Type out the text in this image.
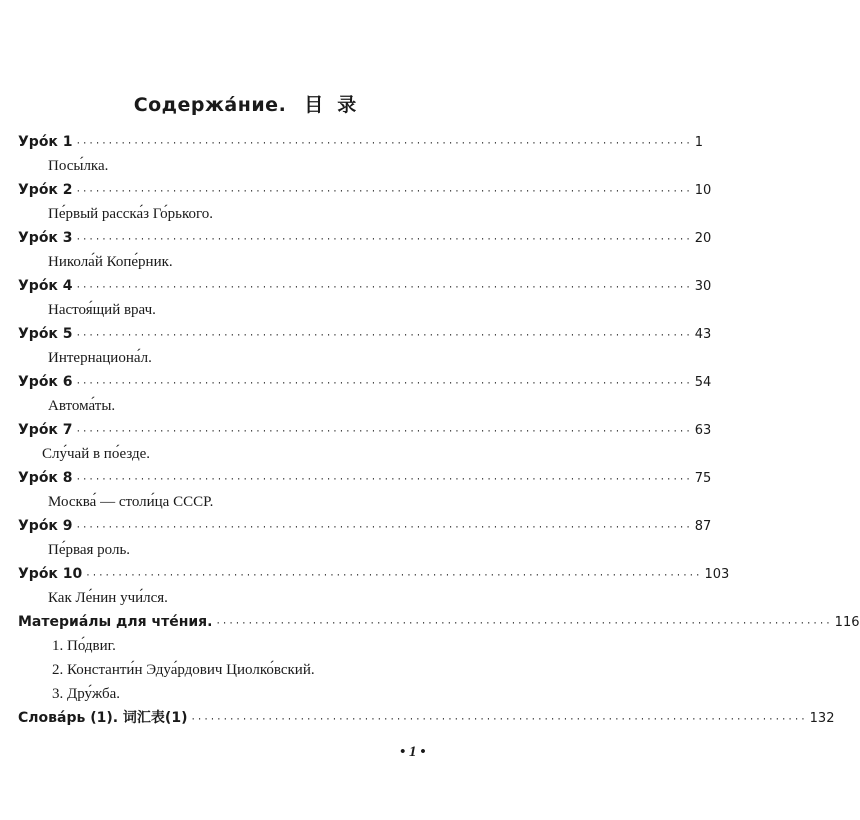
Содержа́ние. 目录
Уро́к 1 ································································································ 1
Посы́лка.
Уро́к 2 ································································································ 10
Пе́рвый расска́з Го́рького.
Уро́к 3 ································································································ 20
Никола́й Копе́рник.
Уро́к 4 ································································································ 30
Настоя́щий врач.
Уро́к 5 ································································································ 43
Интернациона́л.
Уро́к 6 ································································································ 54
Автома́ты.
Уро́к 7 ································································································ 63
Слу́чай в по́езде.
Уро́к 8 ································································································ 75
Москва́ — столи́ца СССР.
Уро́к 9 ································································································ 87
Пе́рвая роль.
Уро́к 10 ································································································ 103
Как Ле́нин учи́лся.
Материа́лы для чте́ния. ································································································ 116
1. По́двиг.
2. Константи́н Эдуа́рдович Циолко́вский.
3. Дру́жба.
Слова́рь (1). 词汇表(1) ································································································ 132
• 1 •
